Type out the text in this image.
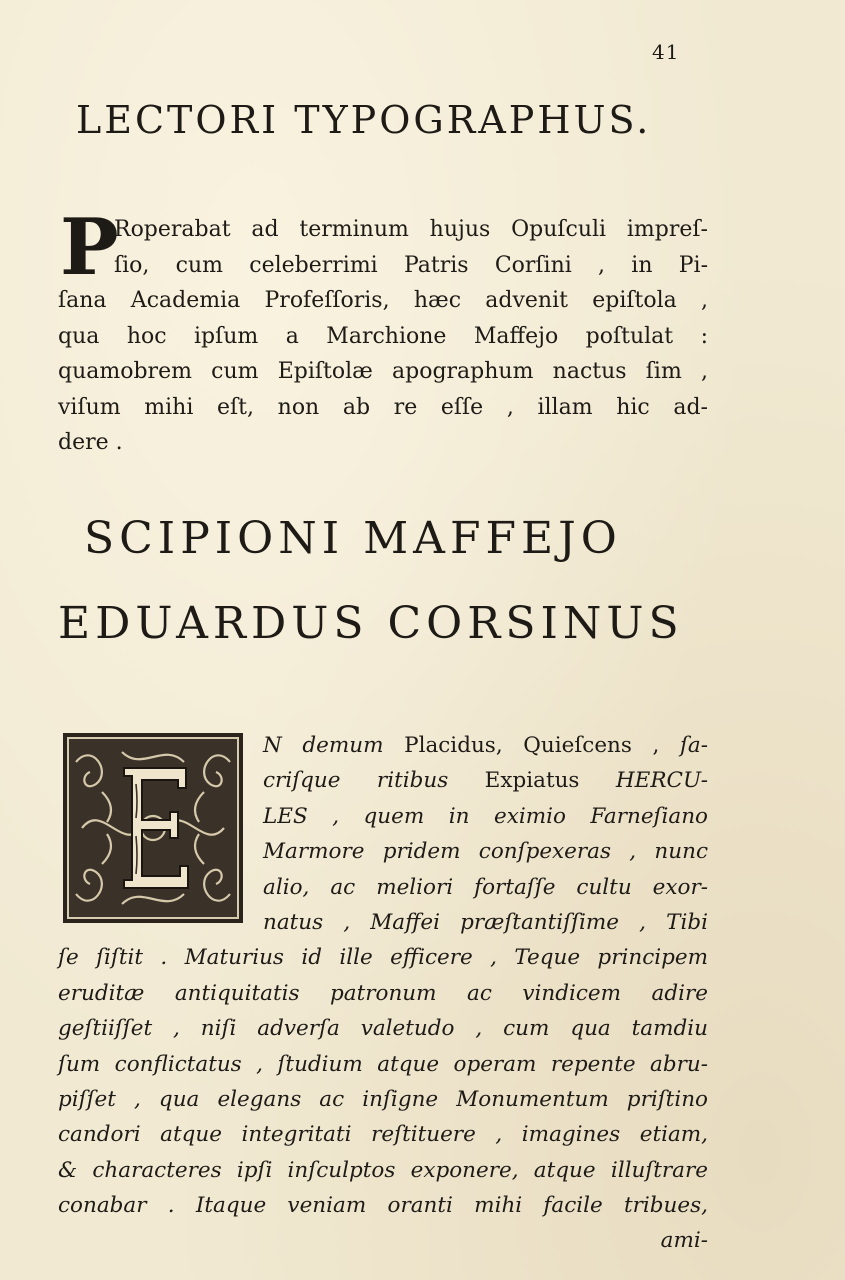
41
LECTORI TYPOGRAPHUS.
P
Roperabat ad terminum hujus Opuſculi impreſ-
ſio, cum celeberrimi Patris Corſini , in Pi-
ſana Academia Profeſſoris, hæc advenit epiſtola ,
qua hoc ipſum a Marchione Maffejo poſtulat :
quamobrem cum Epiſtolæ apographum nactus ſim ,
viſum mihi eſt, non ab re eſſe , illam hic ad-
dere .
SCIPIONI MAFFEJO
EDUARDUS CORSINUS
N demum Placidus, Quieſcens , ſa-
criſque ritibus Expiatus HERCU-
LES , quem in eximio Farneſiano
Marmore pridem conſpexeras , nunc
alio, ac meliori fortaſſe cultu exor-
natus , Maffei præſtantiſſime , Tibi
ſe ſiſtit . Maturius id ille efficere , Teque principem
eruditæ antiquitatis patronum ac vindicem adire
geſtiiſſet , niſi adverſa valetudo , cum qua tamdiu
ſum conflictatus , ſtudium atque operam repente abru-
piſſet , qua elegans ac inſigne Monumentum priſtino
candori atque integritati reſtituere , imagines etiam,
& characteres ipſi inſculptos exponere, atque illuſtrare
conabar . Itaque veniam oranti mihi facile tribues,
ami-
